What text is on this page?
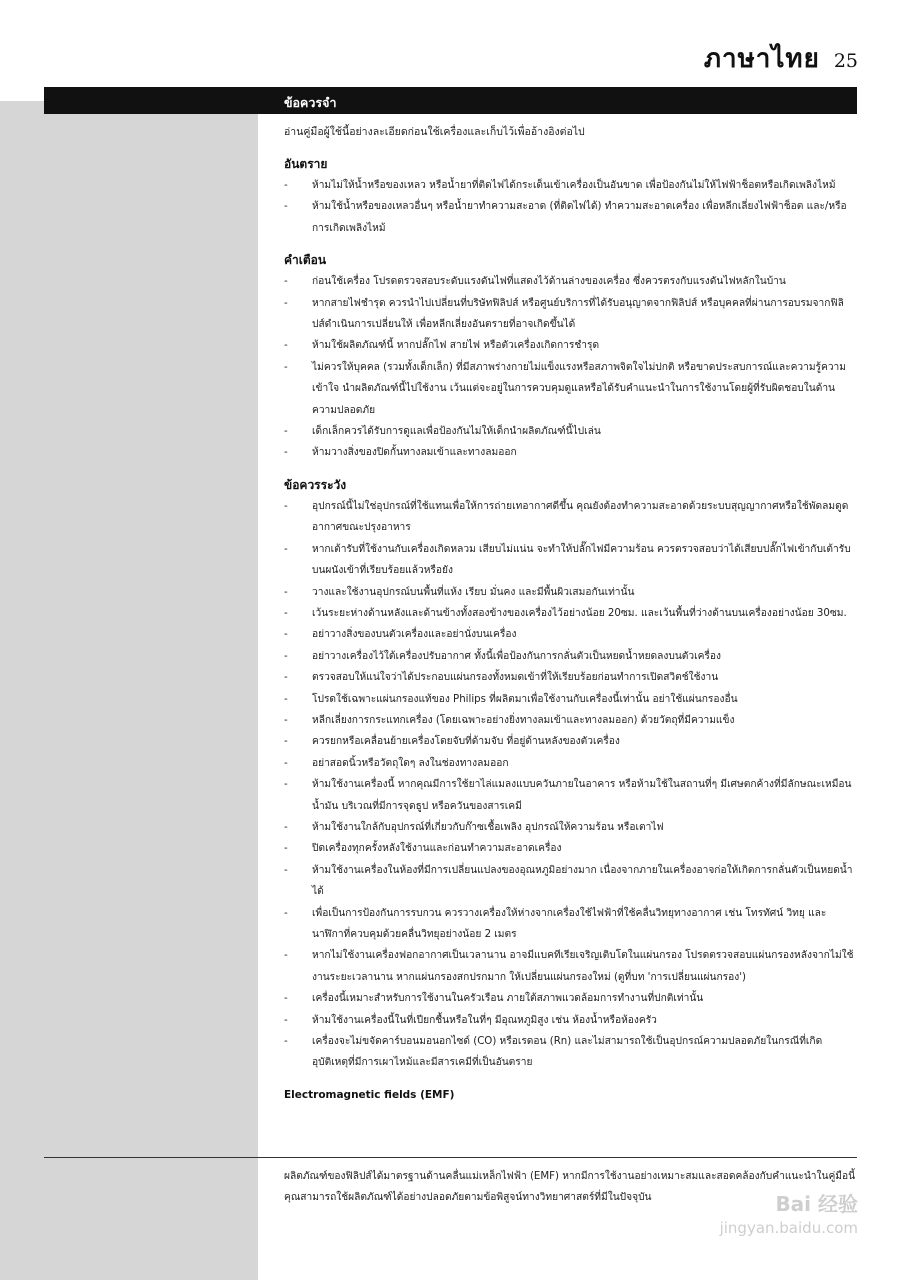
ภาษาไทย 25
ข้อควรจำ

อ่านคู่มือผู้ใช้นี้อย่างละเอียดก่อนใช้เครื่องและเก็บไว้เพื่ออ้างอิงต่อไป

อันตราย
- ห้ามไม่ให้น้ำหรือของเหลว หรือน้ำยาที่ติดไฟได้กระเด็นเข้าเครื่องเป็นอันขาด เพื่อป้องกันไม่ให้ไฟฟ้าช็อตหรือเกิดเพลิงไหม้
- ห้ามใช้น้ำหรือของเหลวอื่นๆ หรือน้ำยาทำความสะอาด (ที่ติดไฟได้) ทำความสะอาดเครื่อง เพื่อหลีกเลี่ยงไฟฟ้าช็อต และ/หรือการเกิดเพลิงไหม้
คำเตือน
- ก่อนใช้เครื่อง โปรดตรวจสอบระดับแรงดันไฟที่แสดงไว้ด้านล่างของเครื่อง ซึ่งควรตรงกับแรงดันไฟหลักในบ้าน
- หากสายไฟชำรุด ควรนำไปเปลี่ยนที่บริษัทฟิลิปส์ หรือศูนย์บริการที่ได้รับอนุญาตจากฟิลิปส์ หรือบุคคลที่ผ่านการอบรมจากฟิลิปส์ดำเนินการเปลี่ยนให้ เพื่อหลีกเลี่ยงอันตรายที่อาจเกิดขึ้นได้
- ห้ามใช้ผลิตภัณฑ์นี้ หากปลั๊กไฟ สายไฟ หรือตัวเครื่องเกิดการชำรุด
- ไม่ควรให้บุคคล (รวมทั้งเด็กเล็ก) ที่มีสภาพร่างกายไม่แข็งแรงหรือสภาพจิตใจไม่ปกติ หรือขาดประสบการณ์และความรู้ความเข้าใจ นำผลิตภัณฑ์นี้ไปใช้งาน เว้นแต่จะอยู่ในการควบคุมดูแลหรือได้รับคำแนะนำในการใช้งานโดยผู้ที่รับผิดชอบในด้านความปลอดภัย
- เด็กเล็กควรได้รับการดูแลเพื่อป้องกันไม่ให้เด็กนำผลิตภัณฑ์นี้ไปเล่น
- ห้ามวางสิ่งของปิดกั้นทางลมเข้าและทางลมออก
ข้อควรระวัง
- อุปกรณ์นี้ไม่ใช่อุปกรณ์ที่ใช้แทนเพื่อให้การถ่ายเทอากาศดีขึ้น คุณยังต้องทำความสะอาดด้วยระบบสุญญากาศหรือใช้พัดลมดูดอากาศขณะปรุงอาหาร
- หากเต้ารับที่ใช้งานกับเครื่องเกิดหลวม เสียบไม่แน่น จะทำให้ปลั๊กไฟมีความร้อน ควรตรวจสอบว่าได้เสียบปลั๊กไฟเข้ากับเต้ารับบนผนังเข้าที่เรียบร้อยแล้วหรือยัง
- วางและใช้งานอุปกรณ์บนพื้นที่แห้ง เรียบ มั่นคง และมีพื้นผิวเสมอกันเท่านั้น
- เว้นระยะห่างด้านหลังและด้านข้างทั้งสองข้างของเครื่องไว้อย่างน้อย 20ซม. และเว้นพื้นที่ว่างด้านบนเครื่องอย่างน้อย 30ซม.
- อย่าวางสิ่งของบนตัวเครื่องและอย่านั่งบนเครื่อง
- อย่าวางเครื่องไว้ใต้เครื่องปรับอากาศ ทั้งนี้เพื่อป้องกันการกลั่นตัวเป็นหยดน้ำหยดลงบนตัวเครื่อง
- ตรวจสอบให้แน่ใจว่าได้ประกอบแผ่นกรองทั้งหมดเข้าที่ให้เรียบร้อยก่อนทำการเปิดสวิตช์ใช้งาน
- โปรดใช้เฉพาะแผ่นกรองแท้ของ Philips ที่ผลิตมาเพื่อใช้งานกับเครื่องนี้เท่านั้น อย่าใช้แผ่นกรองอื่น
- หลีกเลี่ยงการกระแทกเครื่อง (โดยเฉพาะอย่างยิ่งทางลมเข้าและทางลมออก) ด้วยวัตถุที่มีความแข็ง
- ควรยกหรือเคลื่อนย้ายเครื่องโดยจับที่ด้ามจับ ที่อยู่ด้านหลังของตัวเครื่อง
- อย่าสอดนิ้วหรือวัตถุใดๆ ลงในช่องทางลมออก
- ห้ามใช้งานเครื่องนี้ หากคุณมีการใช้ยาไล่แมลงแบบควันภายในอาคาร หรือห้ามใช้ในสถานที่ๆ มีเศษตกค้างที่มีลักษณะเหมือนน้ำมัน บริเวณที่มีการจุดธูป หรือควันของสารเคมี
- ห้ามใช้งานใกล้กับอุปกรณ์ที่เกี่ยวกับก๊าซเชื้อเพลิง อุปกรณ์ให้ความร้อน หรือเตาไฟ
- ปิดเครื่องทุกครั้งหลังใช้งานและก่อนทำความสะอาดเครื่อง
- ห้ามใช้งานเครื่องในห้องที่มีการเปลี่ยนแปลงของอุณหภูมิอย่างมาก เนื่องจากภายในเครื่องอาจก่อให้เกิดการกลั่นตัวเป็นหยดน้ำได้
- เพื่อเป็นการป้องกันการรบกวน ควรวางเครื่องให้ห่างจากเครื่องใช้ไฟฟ้าที่ใช้คลื่นวิทยุทางอากาศ เช่น โทรทัศน์ วิทยุ และนาฬิกาที่ควบคุมด้วยคลื่นวิทยุอย่างน้อย 2 เมตร
- หากไม่ใช้งานเครื่องฟอกอากาศเป็นเวลานาน อาจมีแบคทีเรียเจริญเติบโตในแผ่นกรอง โปรดตรวจสอบแผ่นกรองหลังจากไม่ใช้งานระยะเวลานาน หากแผ่นกรองสกปรกมาก ให้เปลี่ยนแผ่นกรองใหม่ (ดูที่บท 'การเปลี่ยนแผ่นกรอง')
- เครื่องนี้เหมาะสำหรับการใช้งานในครัวเรือน ภายใต้สภาพแวดล้อมการทำงานที่ปกติเท่านั้น
- ห้ามใช้งานเครื่องนี้ในที่เปียกชื้นหรือในที่ๆ มีอุณหภูมิสูง เช่น ห้องน้ำหรือห้องครัว
- เครื่องจะไม่ขจัดคาร์บอนมอนอกไซด์ (CO) หรือเรดอน (Rn) และไม่สามารถใช้เป็นอุปกรณ์ความปลอดภัยในกรณีที่เกิดอุบัติเหตุที่มีการเผาไหม้และมีสารเคมีที่เป็นอันตราย
Electromagnetic fields (EMF)
ผลิตภัณฑ์ของฟิลิปส์ได้มาตรฐานด้านคลื่นแม่เหล็กไฟฟ้า (EMF) หากมีการใช้งานอย่างเหมาะสมและสอดคล้องกับคำแนะนำในคู่มือนี้ คุณสามารถใช้ผลิตภัณฑ์ได้อย่างปลอดภัยตามข้อพิสูจน์ทางวิทยาศาสตร์ที่มีในปัจจุบัน	Bai 经验
jingyan.baidu.com
